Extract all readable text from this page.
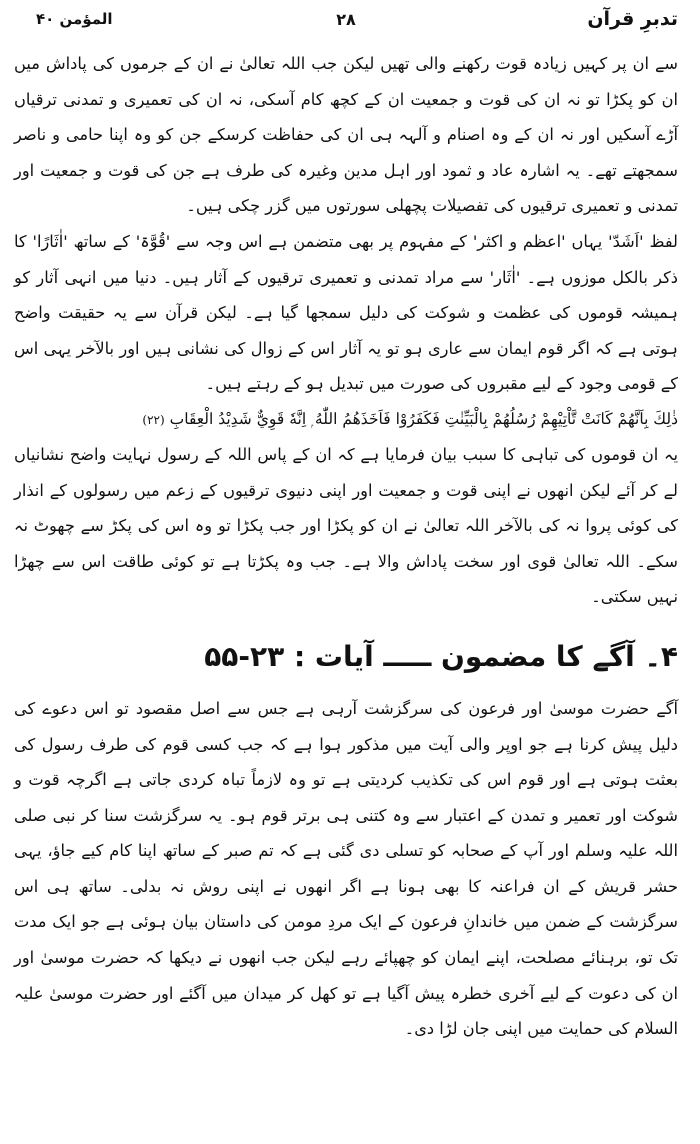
تدبرِ قرآن
۲۸
المؤمن ۴۰

سے ان پر کہیں زیادہ قوت رکھنے والی تھیں لیکن جب اللہ تعالیٰ نے ان کے جرموں کی پاداش میں ان کو پکڑا تو نہ ان کی قوت و جمعیت ان کے کچھ کام آسکی، نہ ان کی تعمیری و تمدنی ترقیاں آڑے آسکیں اور نہ ان کے وہ اصنام و آلہہ ہی ان کی حفاظت کرسکے جن کو وہ اپنا حامی و ناصر سمجھتے تھے۔ یہ اشارہ عاد و ثمود اور اہل مدین وغیرہ کی طرف ہے جن کی قوت و جمعیت اور تمدنی و تعمیری ترقیوں کی تفصیلات پچھلی سورتوں میں گزر چکی ہیں۔

لفظ 'اَشَدّ' یہاں 'اعظم و اکثر' کے مفہوم پر بھی متضمن ہے اس وجہ سے 'قُوَّۃ' کے ساتھ 'اٰثَارًا' کا ذکر بالکل موزوں ہے۔ 'اٰثَار' سے مراد تمدنی و تعمیری ترقیوں کے آثار ہیں۔ دنیا میں انہی آثار کو ہمیشہ قوموں کی عظمت و شوکت کی دلیل سمجھا گیا ہے۔ لیکن قرآن سے یہ حقیقت واضح ہوتی ہے کہ اگر قوم ایمان سے عاری ہو تو یہ آثار اس کے زوال کی نشانی ہیں اور بالآخر یہی اس کے قومی وجود کے لیے مقبروں کی صورت میں تبدیل ہو کے رہتے ہیں۔

ذٰلِكَ بِاَنَّهُمْ كَانَتْ تَّاْتِيْهِمْ رُسُلُهُمْ بِالْبَيِّنٰتِ فَكَفَرُوْا فَاَخَذَهُمُ اللّٰهُ ۭ اِنَّهٗ قَوِيٌّ شَدِيْدُ الْعِقَابِ (۲۲)

یہ ان قوموں کی تباہی کا سبب بیان فرمایا ہے کہ ان کے پاس اللہ کے رسول نہایت واضح نشانیاں لے کر آئے لیکن انھوں نے اپنی قوت و جمعیت اور اپنی دنیوی ترقیوں کے زعم میں رسولوں کے انذار کی کوئی پروا نہ کی بالآخر اللہ تعالیٰ نے ان کو پکڑا اور جب پکڑا تو وہ اس کی پکڑ سے چھوٹ نہ سکے۔ اللہ تعالیٰ قوی اور سخت پاداش والا ہے۔ جب وہ پکڑتا ہے تو کوئی طاقت اس سے چھڑا نہیں سکتی۔

۴۔ آگے کا مضمون ـــــ آیات : ۲۳-۵۵

آگے حضرت موسیٰ اور فرعون کی سرگزشت آرہی ہے جس سے اصل مقصود تو اس دعوے کی دلیل پیش کرنا ہے جو اوپر والی آیت میں مذکور ہوا ہے کہ جب کسی قوم کی طرف رسول کی بعثت ہوتی ہے اور قوم اس کی تکذیب کردیتی ہے تو وہ لازماً تباہ کردی جاتی ہے اگرچہ قوت و شوکت اور تعمیر و تمدن کے اعتبار سے وہ کتنی ہی برتر قوم ہو۔ یہ سرگزشت سنا کر نبی صلی اللہ علیہ وسلم اور آپ کے صحابہ کو تسلی دی گئی ہے کہ تم صبر کے ساتھ اپنا کام کیے جاؤ، یہی حشر قریش کے ان فراعنہ کا بھی ہونا ہے اگر انھوں نے اپنی روش نہ بدلی۔ ساتھ ہی اس سرگزشت کے ضمن میں خاندانِ فرعون کے ایک مردِ مومن کی داستان بیان ہوئی ہے جو ایک مدت تک تو، برہنائے مصلحت، اپنے ایمان کو چھپائے رہے لیکن جب انھوں نے دیکھا کہ حضرت موسیٰ اور ان کی دعوت کے لیے آخری خطرہ پیش آگیا ہے تو کھل کر میدان میں آگئے اور حضرت موسیٰ علیہ السلام کی حمایت میں اپنی جان لڑا دی۔
